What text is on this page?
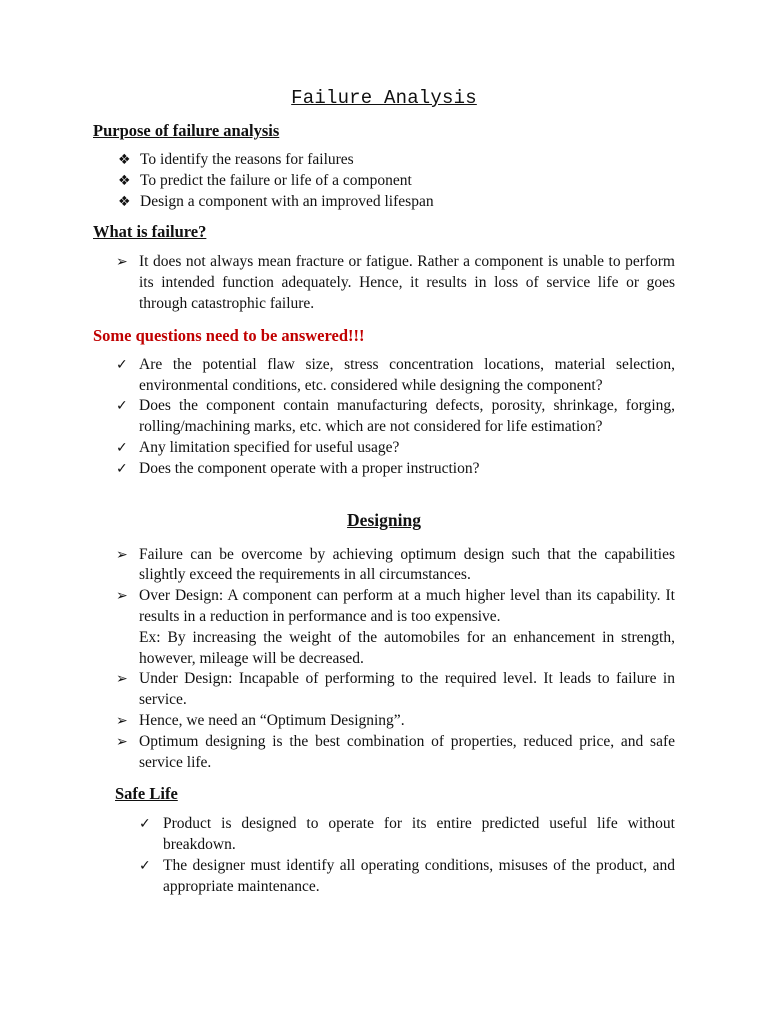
Failure Analysis
Purpose of failure analysis
❖ To identify the reasons for failures
❖ To predict the failure or life of a component
❖ Design a component with an improved lifespan
What is failure?
➢ It does not always mean fracture or fatigue. Rather a component is unable to perform its intended function adequately. Hence, it results in loss of service life or goes through catastrophic failure.
Some questions need to be answered!!!
✓ Are the potential flaw size, stress concentration locations, material selection, environmental conditions, etc. considered while designing the component?
✓ Does the component contain manufacturing defects, porosity, shrinkage, forging, rolling/machining marks, etc. which are not considered for life estimation?
✓ Any limitation specified for useful usage?
✓ Does the component operate with a proper instruction?
Designing
➢ Failure can be overcome by achieving optimum design such that the capabilities slightly exceed the requirements in all circumstances.
➢ Over Design: A component can perform at a much higher level than its capability. It results in a reduction in performance and is too expensive.
Ex: By increasing the weight of the automobiles for an enhancement in strength, however, mileage will be decreased.
➢ Under Design: Incapable of performing to the required level. It leads to failure in service.
➢ Hence, we need an “Optimum Designing”.
➢ Optimum designing is the best combination of properties, reduced price, and safe service life.
Safe Life
✓ Product is designed to operate for its entire predicted useful life without breakdown.
✓ The designer must identify all operating conditions, misuses of the product, and appropriate maintenance.
